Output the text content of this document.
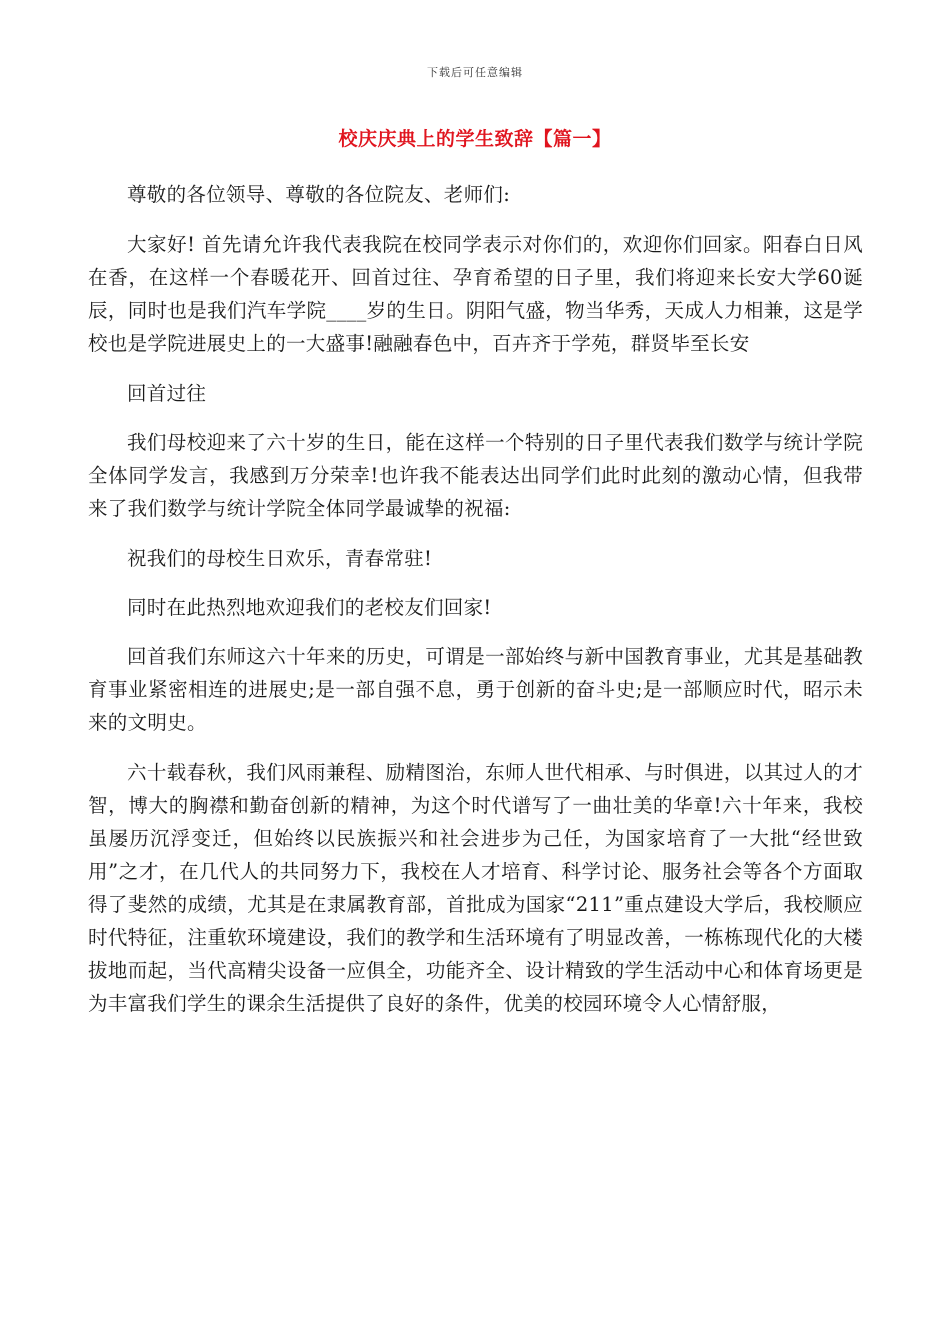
下载后可任意编辑
校庆庆典上的学生致辞【篇一】

尊敬的各位领导、尊敬的各位院友、老师们:

大家好! 首先请允许我代表我院在校同学表示对你们的，欢迎你们回家。阳春白日风在香，在这样一个春暖花开、回首过往、孕育希望的日子里，我们将迎来长安大学60诞辰，同时也是我们汽车学院____岁的生日。阴阳气盛，物当华秀，天成人力相兼，这是学校也是学院进展史上的一大盛事!融融春色中，百卉齐于学苑，群贤毕至长安

回首过往

我们母校迎来了六十岁的生日，能在这样一个特别的日子里代表我们数学与统计学院全体同学发言，我感到万分荣幸!也许我不能表达出同学们此时此刻的激动心情，但我带来了我们数学与统计学院全体同学最诚挚的祝福:

祝我们的母校生日欢乐，青春常驻!

同时在此热烈地欢迎我们的老校友们回家!

回首我们东师这六十年来的历史，可谓是一部始终与新中国教育事业，尤其是基础教育事业紧密相连的进展史;是一部自强不息，勇于创新的奋斗史;是一部顺应时代，昭示未来的文明史。

六十载春秋，我们风雨兼程、励精图治，东师人世代相承、与时俱进，以其过人的才智，博大的胸襟和勤奋创新的精神，为这个时代谱写了一曲壮美的华章!六十年来，我校虽屡历沉浮变迁，但始终以民族振兴和社会进步为己任，为国家培育了一大批“经世致用”之才，在几代人的共同努力下，我校在人才培育、科学讨论、服务社会等各个方面取得了斐然的成绩，尤其是在隶属教育部，首批成为国家“211”重点建设大学后，我校顺应时代特征，注重软环境建设，我们的教学和生活环境有了明显改善，一栋栋现代化的大楼拔地而起，当代高精尖设备一应俱全，功能齐全、设计精致的学生活动中心和体育场更是为丰富我们学生的课余生活提供了良好的条件，优美的校园环境令人心情舒服，
